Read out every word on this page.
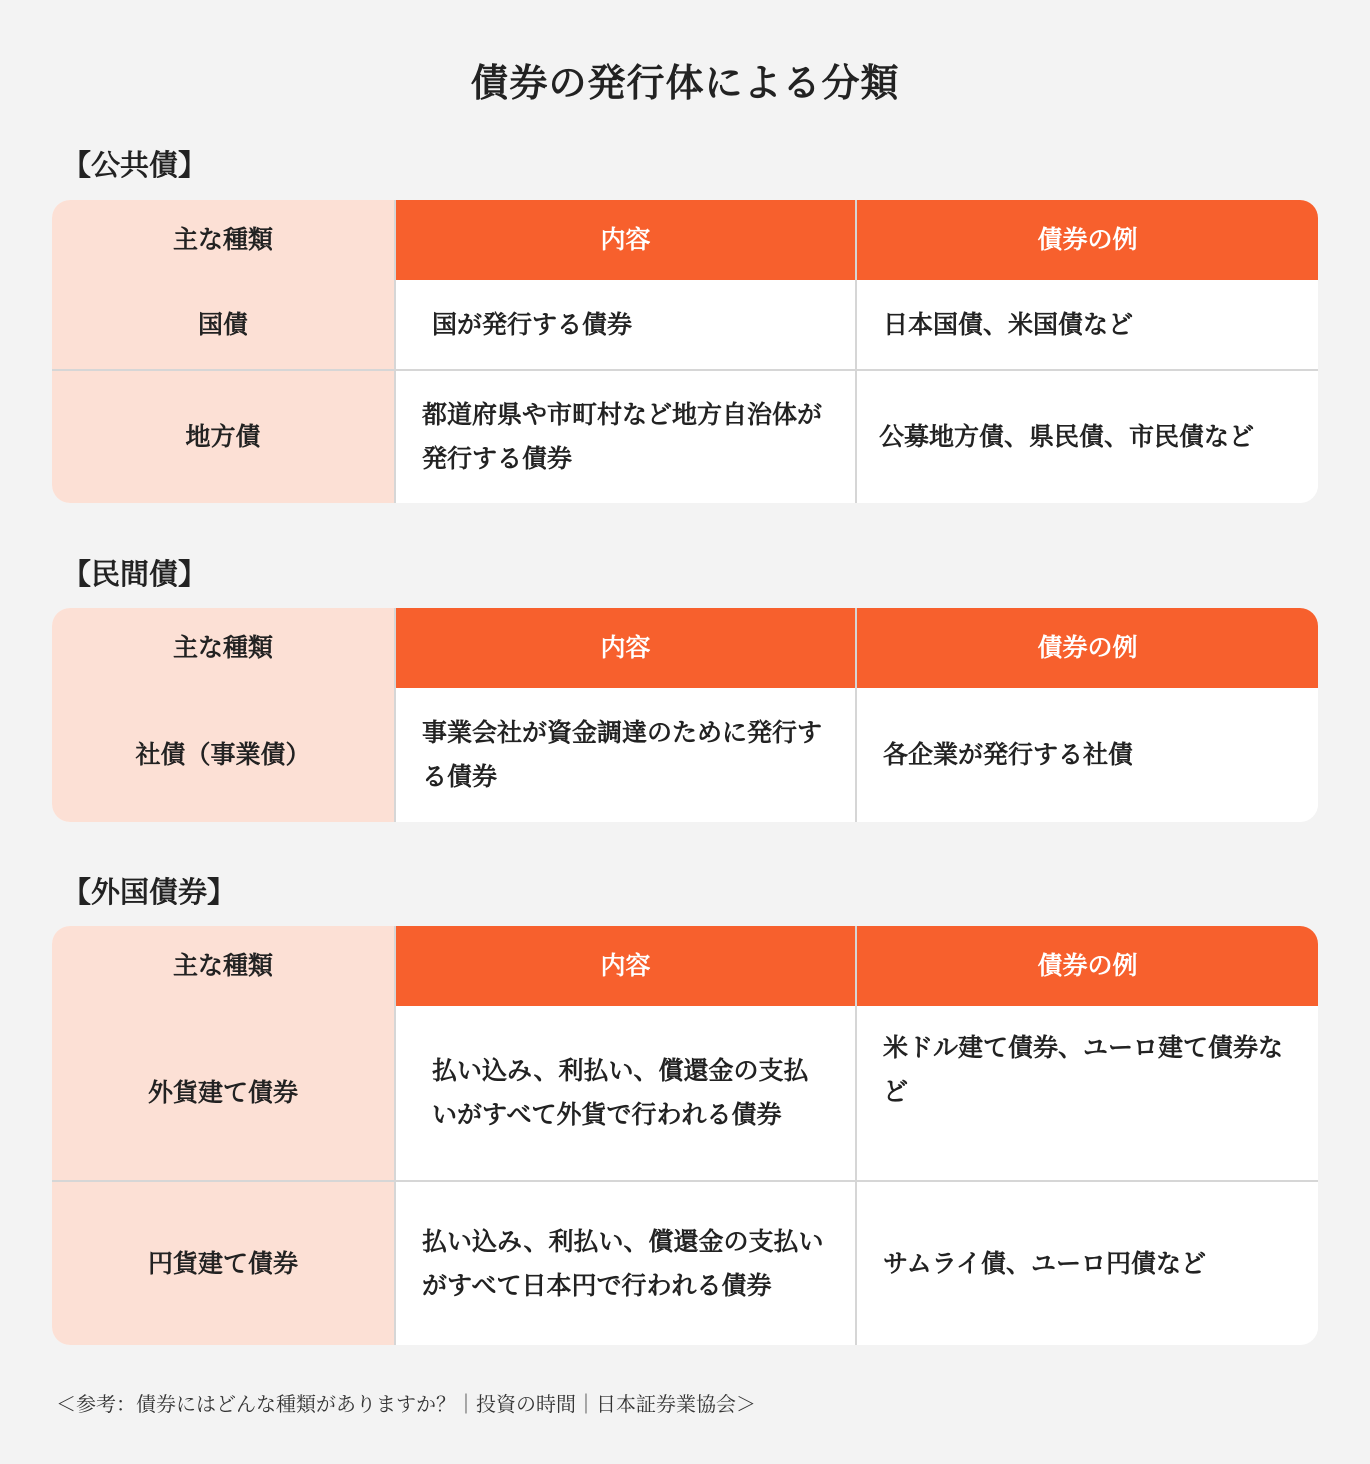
債券の発行体による分類
【公共債】
主な種類	内容	債券の例
国債	国が発行する債券	日本国債、米国債など
地方債	都道府県や市町村など地方自治体が発行する債券	公募地方債、県民債、市民債など
【民間債】
主な種類	内容	債券の例
社債（事業債）	事業会社が資金調達のために発行する債券	各企業が発行する社債
【外国債券】
主な種類	内容	債券の例
外貨建て債券	払い込み、利払い、償還金の支払いがすべて外貨で行われる債券	米ドル建て債券、ユーロ建て債券など
円貨建て債券	払い込み、利払い、償還金の支払いがすべて日本円で行われる債券	サムライ債、ユーロ円債など

＜参考：債券にはどんな種類がありますか？｜投資の時間｜日本証券業協会＞
